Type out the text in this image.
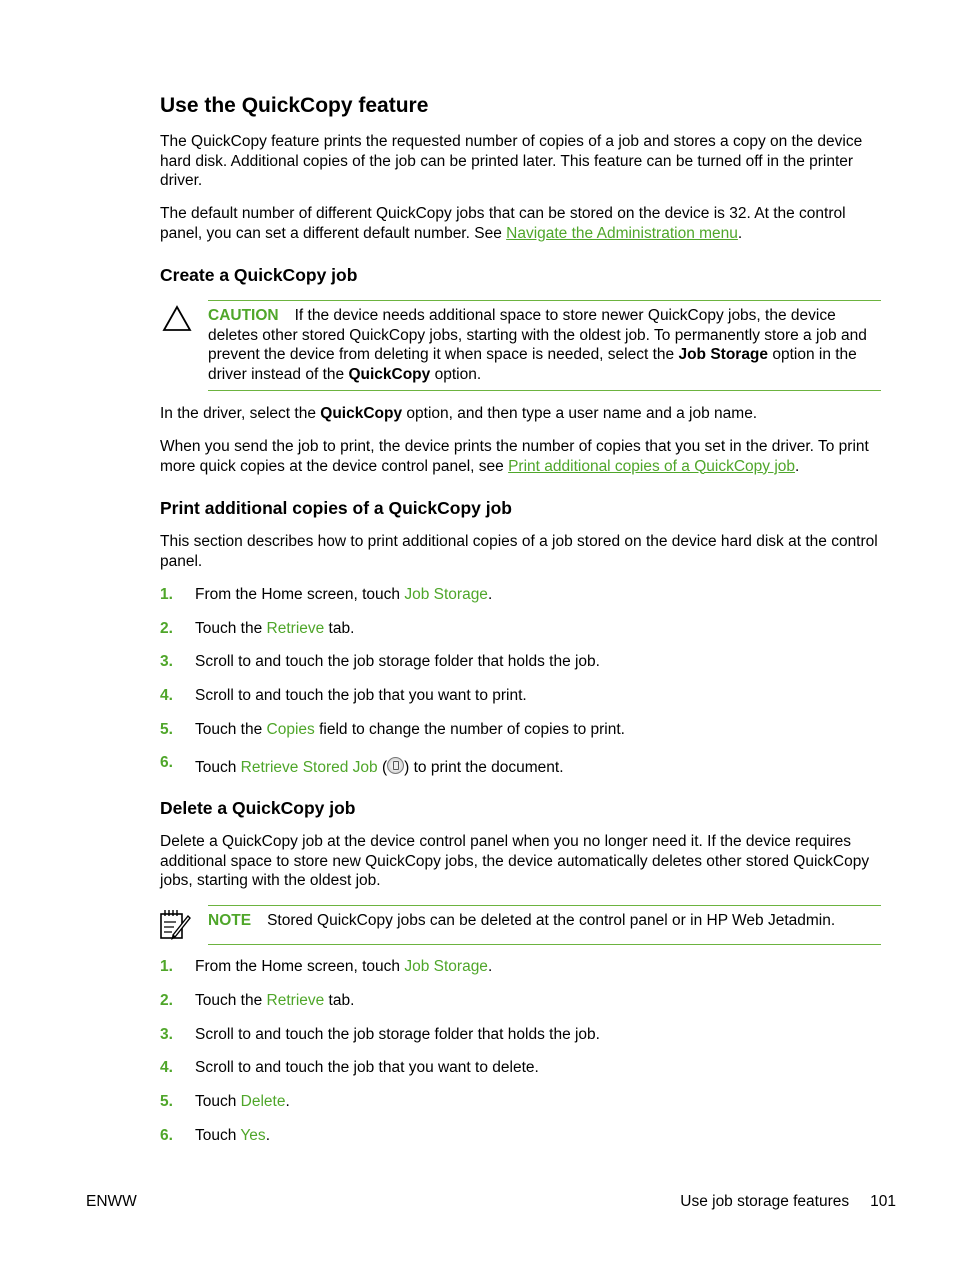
Use the QuickCopy feature
The QuickCopy feature prints the requested number of copies of a job and stores a copy on the device hard disk. Additional copies of the job can be printed later. This feature can be turned off in the printer driver.
The default number of different QuickCopy jobs that can be stored on the device is 32. At the control panel, you can set a different default number. See Navigate the Administration menu.
Create a QuickCopy job
CAUTION If the device needs additional space to store newer QuickCopy jobs, the device deletes other stored QuickCopy jobs, starting with the oldest job. To permanently store a job and prevent the device from deleting it when space is needed, select the Job Storage option in the driver instead of the QuickCopy option.
In the driver, select the QuickCopy option, and then type a user name and a job name.
When you send the job to print, the device prints the number of copies that you set in the driver. To print more quick copies at the device control panel, see Print additional copies of a QuickCopy job.
Print additional copies of a QuickCopy job
This section describes how to print additional copies of a job stored on the device hard disk at the control panel.
1. From the Home screen, touch Job Storage.
2. Touch the Retrieve tab.
3. Scroll to and touch the job storage folder that holds the job.
4. Scroll to and touch the job that you want to print.
5. Touch the Copies field to change the number of copies to print.
6. Touch Retrieve Stored Job ( ) to print the document.
Delete a QuickCopy job
Delete a QuickCopy job at the device control panel when you no longer need it. If the device requires additional space to store new QuickCopy jobs, the device automatically deletes other stored QuickCopy jobs, starting with the oldest job.
NOTE Stored QuickCopy jobs can be deleted at the control panel or in HP Web Jetadmin.
1. From the Home screen, touch Job Storage.
2. Touch the Retrieve tab.
3. Scroll to and touch the job storage folder that holds the job.
4. Scroll to and touch the job that you want to delete.
5. Touch Delete.
6. Touch Yes.
ENWW	Use job storage features 101
